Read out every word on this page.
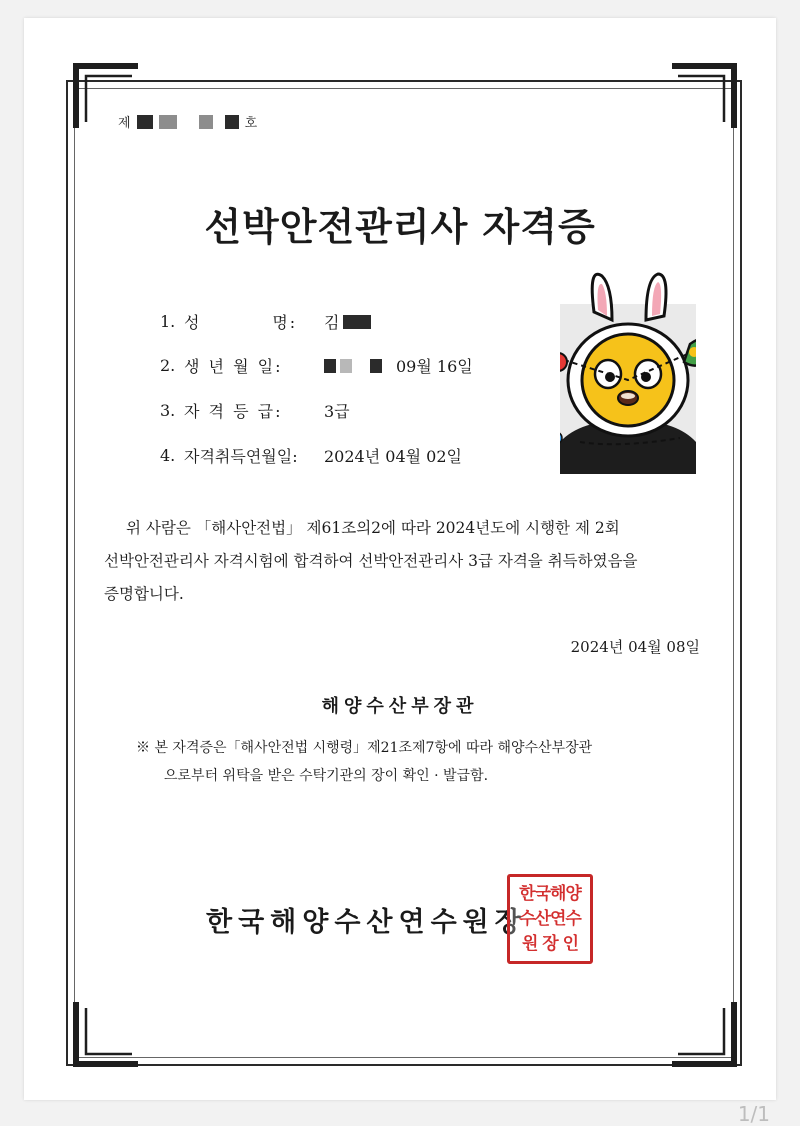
제	호
선박안전관리사 자격증
1. 성          명:	김
2. 생 년 월 일:	09월 16일
3. 자 격 등 급:	3급
4. 자격취득연월일:	2024년 04월 02일

위 사람은 「해사안전법」 제61조의2에 따라 2024년도에 시행한 제 2회

선박안전관리사 자격시험에 합격하여 선박안전관리사 3급 자격을 취득하였음을

증명합니다.

2024년 04월 08일
해양수산부장관

※ 본 자격증은「해사안전법 시행령」제21조제7항에 따라 해양수산부장관

으로부터 위탁을 받은 수탁기관의 장이 확인 · 발급함.

한국해양수산연수원장
한국해양
수산연수
원 장 인
1/1
